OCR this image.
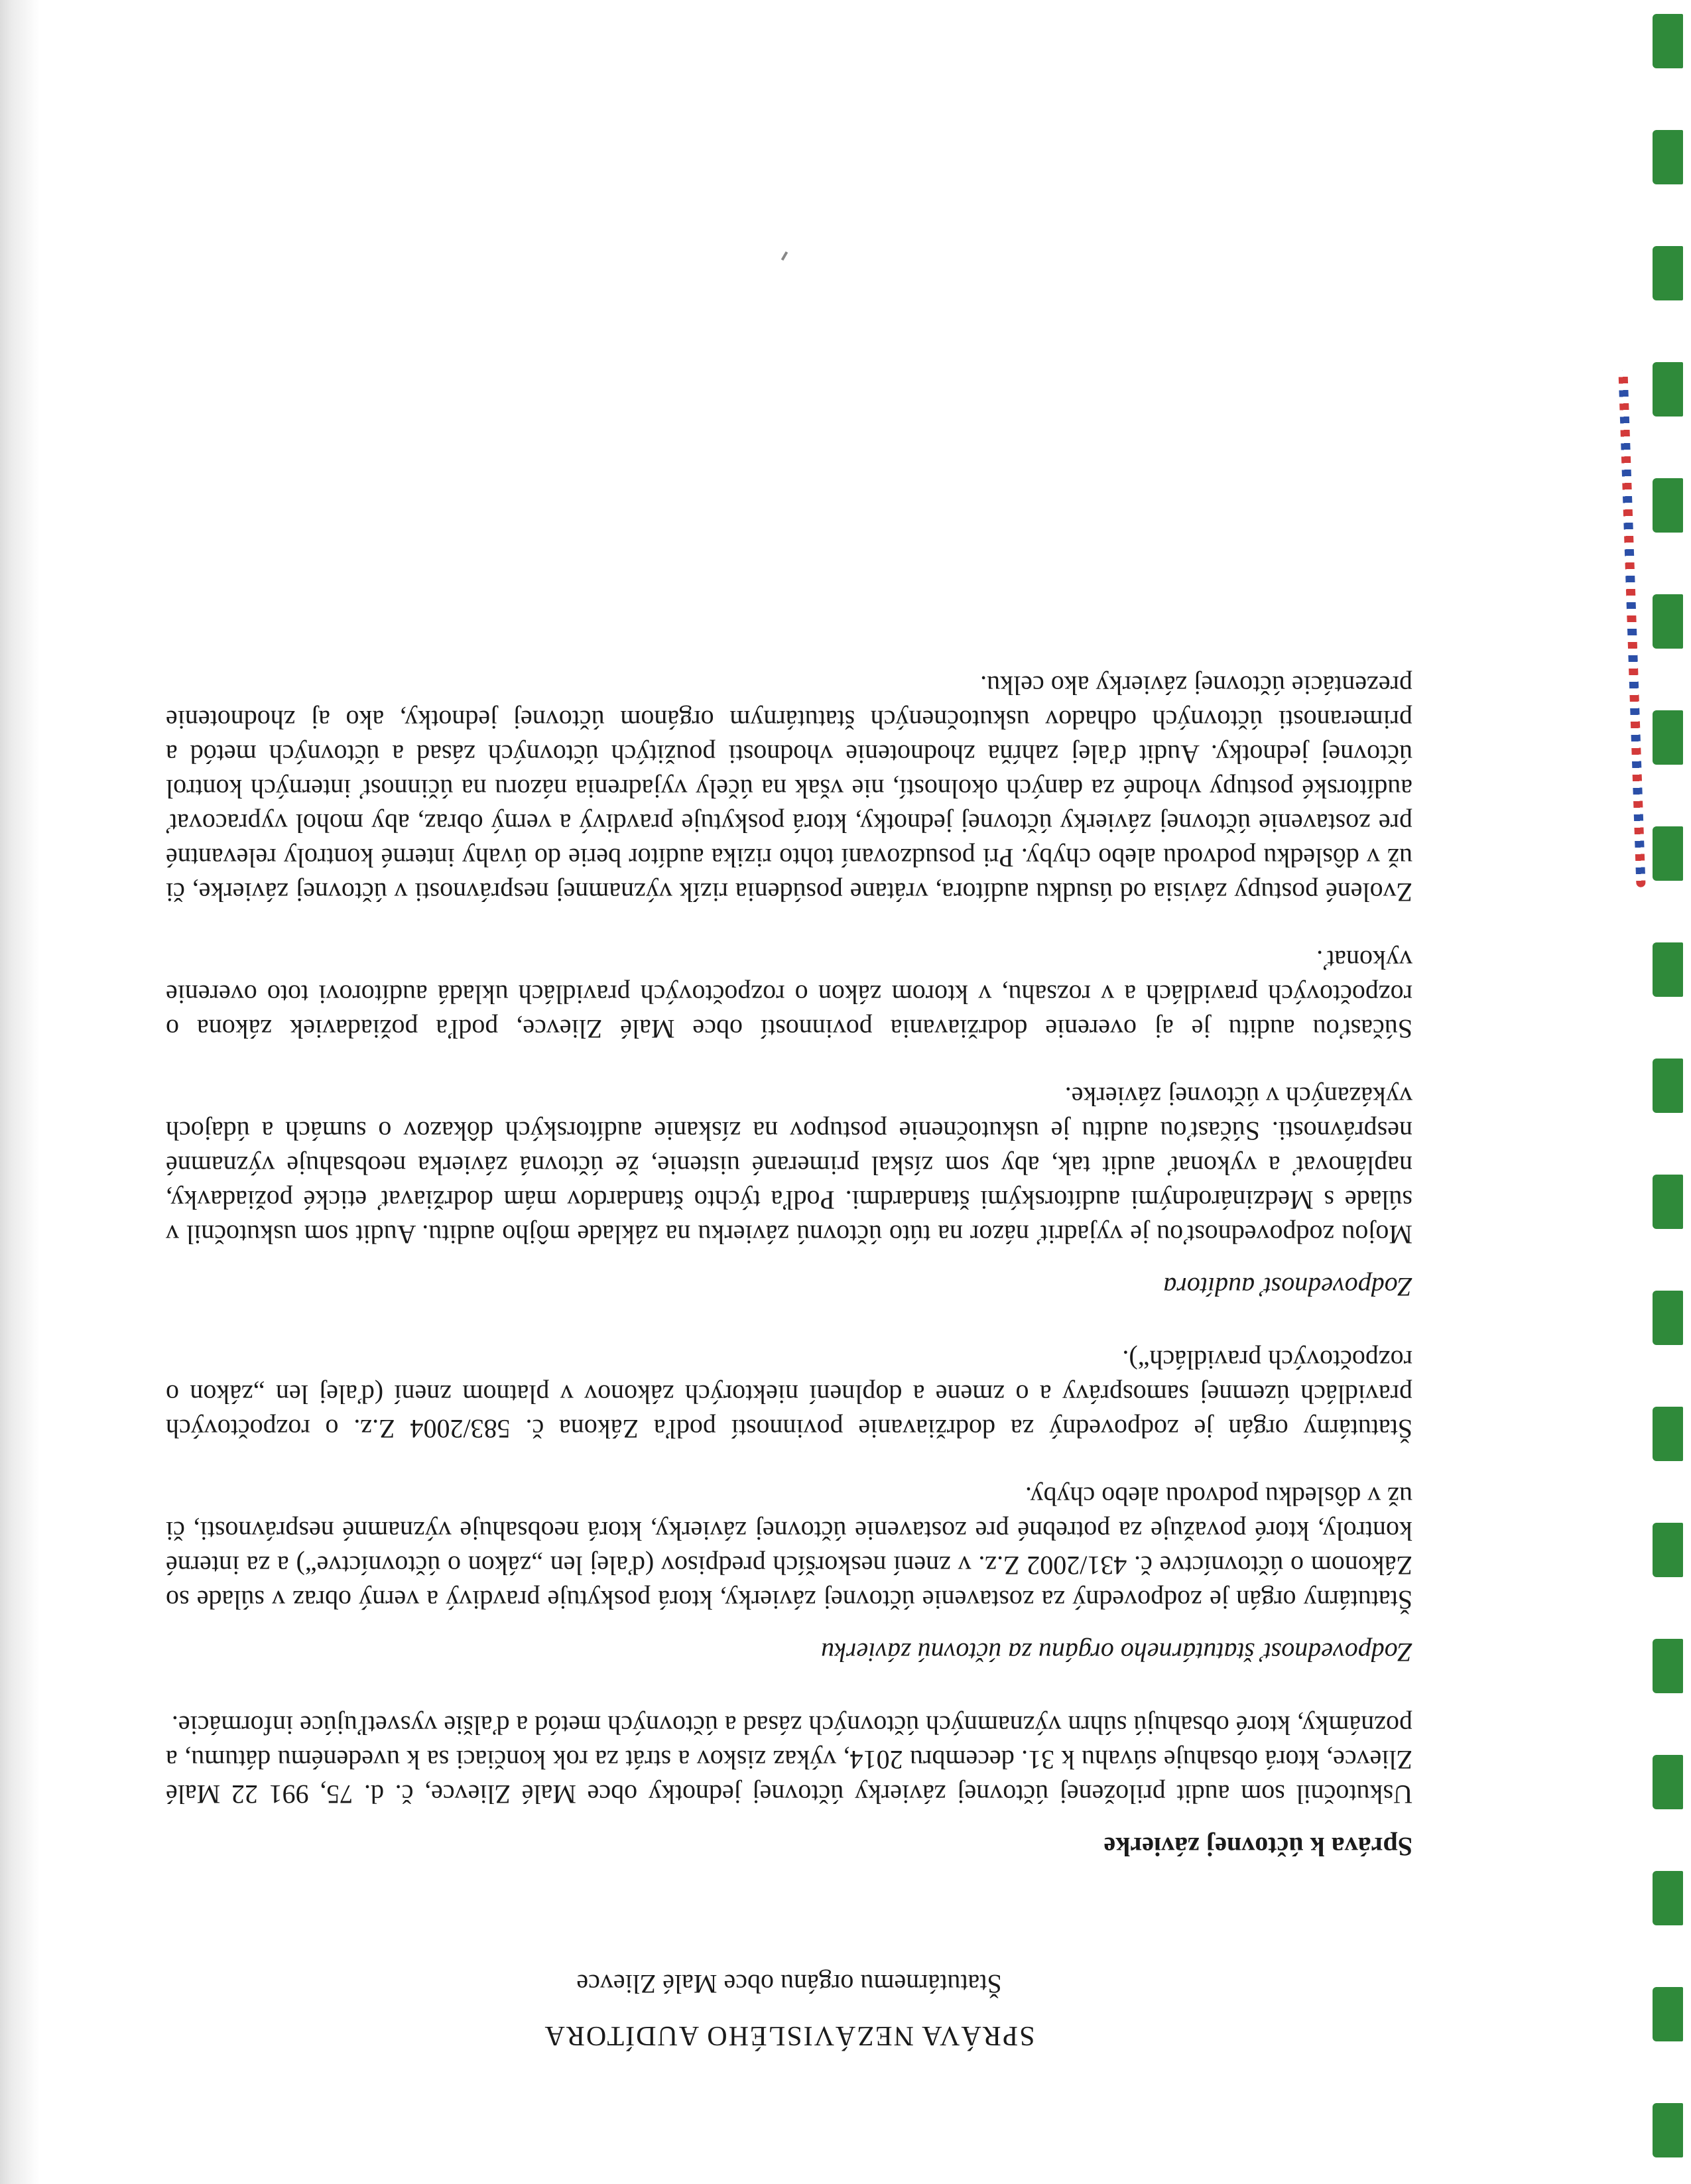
SPRÁVA NEZÁVISLÉHO AUDÍTORA

Štatutárnemu orgánu obce Malé Zlievce

Správa k účtovnej závierke

Uskutočnil som audit priloženej účtovnej závierky účtovnej jednotky obce Malé Zlievce, č. d. 75, 991 22 Malé Zlievce, ktorá obsahuje súvahu k 31. decembru 2014, výkaz ziskov a strát za rok končiaci sa k uvedenému dátumu, a poznámky, ktoré obsahujú súhrn významných účtovných zásad a účtovných metód a ďalšie vysvetľujúce informácie.

Zodpovednosť štatutárneho orgánu za účtovnú závierku

Štatutárny orgán je zodpovedný za zostavenie účtovnej závierky, ktorá poskytuje pravdivý a verný obraz v súlade so Zákonom o účtovníctve č. 431/2002 Z.z. v znení neskorších predpisov (ďalej len „zákon o účtovníctve“) a za interné kontroly, ktoré považuje za potrebné pre zostavenie účtovnej závierky, ktorá neobsahuje významné nesprávnosti, či už v dôsledku podvodu alebo chyby.

Štatutárny orgán je zodpovedný za dodržiavanie povinností podľa Zákona č. 583/2004 Z.z. o rozpočtových pravidlách územnej samosprávy a o zmene a doplnení niektorých zákonov v platnom znení (ďalej len „zákon o rozpočtových pravidlách“).

Zodpovednosť audítora

Mojou zodpovednosťou je vyjadriť názor na túto účtovnú závierku na základe môjho auditu. Audit som uskutočnil v súlade s Medzinárodnými audítorskými štandardmi. Podľa týchto štandardov mám dodržiavať etické požiadavky, naplánovať a vykonať audit tak, aby som získal primerané uistenie, že účtovná závierka neobsahuje významné nesprávnosti. Súčasťou auditu je uskutočnenie postupov na získanie audítorských dôkazov o sumách a údajoch vykázaných v účtovnej závierke.

Súčasťou auditu je aj overenie dodržiavania povinností obce Malé Zlievce, podľa požiadaviek zákona o rozpočtových pravidlách a v rozsahu, v ktorom zákon o rozpočtových pravidlách ukladá audítorovi toto overenie vykonať.

Zvolené postupy závisia od úsudku audítora, vrátane posúdenia rizík významnej nesprávnosti v účtovnej závierke, či už v dôsledku podvodu alebo chyby. Pri posudzovaní tohto rizika audítor berie do úvahy interné kontroly relevantné pre zostavenie účtovnej závierky účtovnej jednotky, ktorá poskytuje pravdivý a verný obraz, aby mohol vypracovať audítorské postupy vhodné za daných okolností, nie však na účely vyjadrenia názoru na účinnosť interných kontrol účtovnej jednotky. Audit ďalej zahŕňa zhodnotenie vhodnosti použitých účtovných zásad a účtovných metód a primeranosti účtovných odhadov uskutočnených štatutárnym orgánom účtovnej jednotky, ako aj zhodnotenie prezentácie účtovnej závierky ako celku.
